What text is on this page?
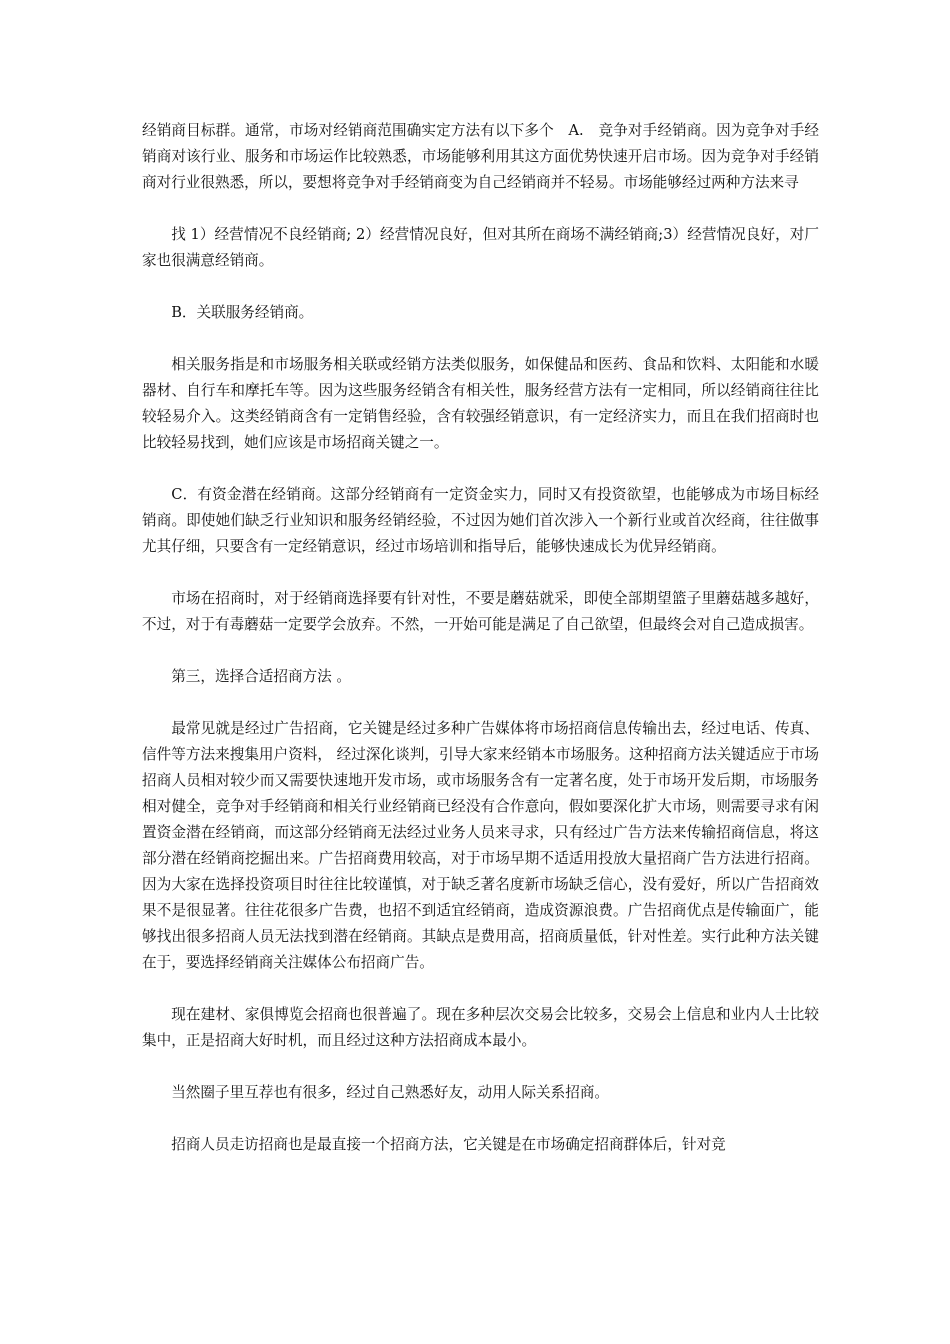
经销商目标群。通常，市场对经销商范围确实定方法有以下多个　A.　竞争对手经销商。因为竞争对手经销商对该行业、服务和市场运作比较熟悉，市场能够利用其这方面优势快速开启市场。因为竞争对手经销商对行业很熟悉，所以，要想将竞争对手经销商变为自己经销商并不轻易。市场能够经过两种方法来寻

找 1）经营情况不良经销商; 2）经营情况良好，但对其所在商场不满经销商;3）经营情况良好，对厂家也很满意经销商。

B．关联服务经销商。

相关服务指是和市场服务相关联或经销方法类似服务，如保健品和医药、食品和饮料、太阳能和水暖器材、自行车和摩托车等。因为这些服务经销含有相关性，服务经营方法有一定相同，所以经销商往往比较轻易介入。这类经销商含有一定销售经验，含有较强经销意识，有一定经济实力，而且在我们招商时也比较轻易找到，她们应该是市场招商关键之一。

C．有资金潜在经销商。这部分经销商有一定资金实力，同时又有投资欲望，也能够成为市场目标经销商。即使她们缺乏行业知识和服务经销经验，不过因为她们首次涉入一个新行业或首次经商，往往做事尤其仔细，只要含有一定经销意识，经过市场培训和指导后，能够快速成长为优异经销商。

市场在招商时，对于经销商选择要有针对性，不要是蘑菇就采，即使全部期望篮子里蘑菇越多越好，不过，对于有毒蘑菇一定要学会放弃。不然，一开始可能是满足了自己欲望，但最终会对自己造成损害。

第三，选择合适招商方法 。

最常见就是经过广告招商，它关键是经过多种广告媒体将市场招商信息传输出去，经过电话、传真、信件等方法来搜集用户资料， 经过深化谈判，引导大家来经销本市场服务。这种招商方法关键适应于市场招商人员相对较少而又需要快速地开发市场，或市场服务含有一定著名度，处于市场开发后期，市场服务相对健全，竞争对手经销商和相关行业经销商已经没有合作意向，假如要深化扩大市场，则需要寻求有闲置资金潜在经销商，而这部分经销商无法经过业务人员来寻求，只有经过广告方法来传输招商信息，将这部分潜在经销商挖掘出来。广告招商费用较高，对于市场早期不适适用投放大量招商广告方法进行招商。因为大家在选择投资项目时往往比较谨慎，对于缺乏著名度新市场缺乏信心，没有爱好，所以广告招商效果不是很显著。往往花很多广告费，也招不到适宜经销商，造成资源浪费。广告招商优点是传输面广，能够找出很多招商人员无法找到潜在经销商。其缺点是费用高，招商质量低，针对性差。实行此种方法关键在于，要选择经销商关注媒体公布招商广告。

现在建材、家俱博览会招商也很普遍了。现在多种层次交易会比较多，交易会上信息和业内人士比较集中，正是招商大好时机，而且经过这种方法招商成本最小。

当然圈子里互荐也有很多，经过自己熟悉好友，动用人际关系招商。

招商人员走访招商也是最直接一个招商方法，它关键是在市场确定招商群体后，针对竞
